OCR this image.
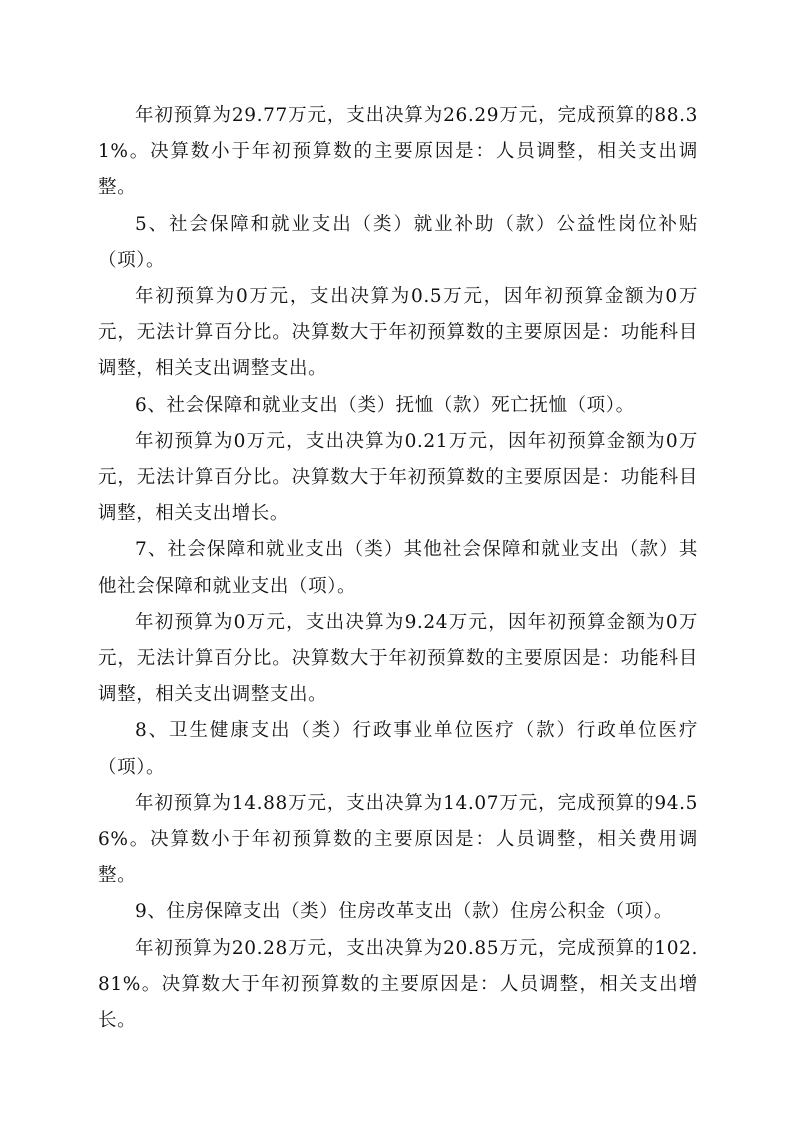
年初预算为29.77万元，支出决算为26.29万元，完成预算的88.31%。决算数小于年初预算数的主要原因是：人员调整，相关支出调整。

5、社会保障和就业支出（类）就业补助（款）公益性岗位补贴（项）。

年初预算为0万元，支出决算为0.5万元，因年初预算金额为0万元，无法计算百分比。决算数大于年初预算数的主要原因是：功能科目调整，相关支出调整支出。

6、社会保障和就业支出（类）抚恤（款）死亡抚恤（项）。

年初预算为0万元，支出决算为0.21万元，因年初预算金额为0万元，无法计算百分比。决算数大于年初预算数的主要原因是：功能科目调整，相关支出增长。

7、社会保障和就业支出（类）其他社会保障和就业支出（款）其他社会保障和就业支出（项）。

年初预算为0万元，支出决算为9.24万元，因年初预算金额为0万元，无法计算百分比。决算数大于年初预算数的主要原因是：功能科目调整，相关支出调整支出。

8、卫生健康支出（类）行政事业单位医疗（款）行政单位医疗（项）。

年初预算为14.88万元，支出决算为14.07万元，完成预算的94.56%。决算数小于年初预算数的主要原因是：人员调整，相关费用调整。

9、住房保障支出（类）住房改革支出（款）住房公积金（项）。

年初预算为20.28万元，支出决算为20.85万元，完成预算的102.81%。决算数大于年初预算数的主要原因是：人员调整，相关支出增长。
